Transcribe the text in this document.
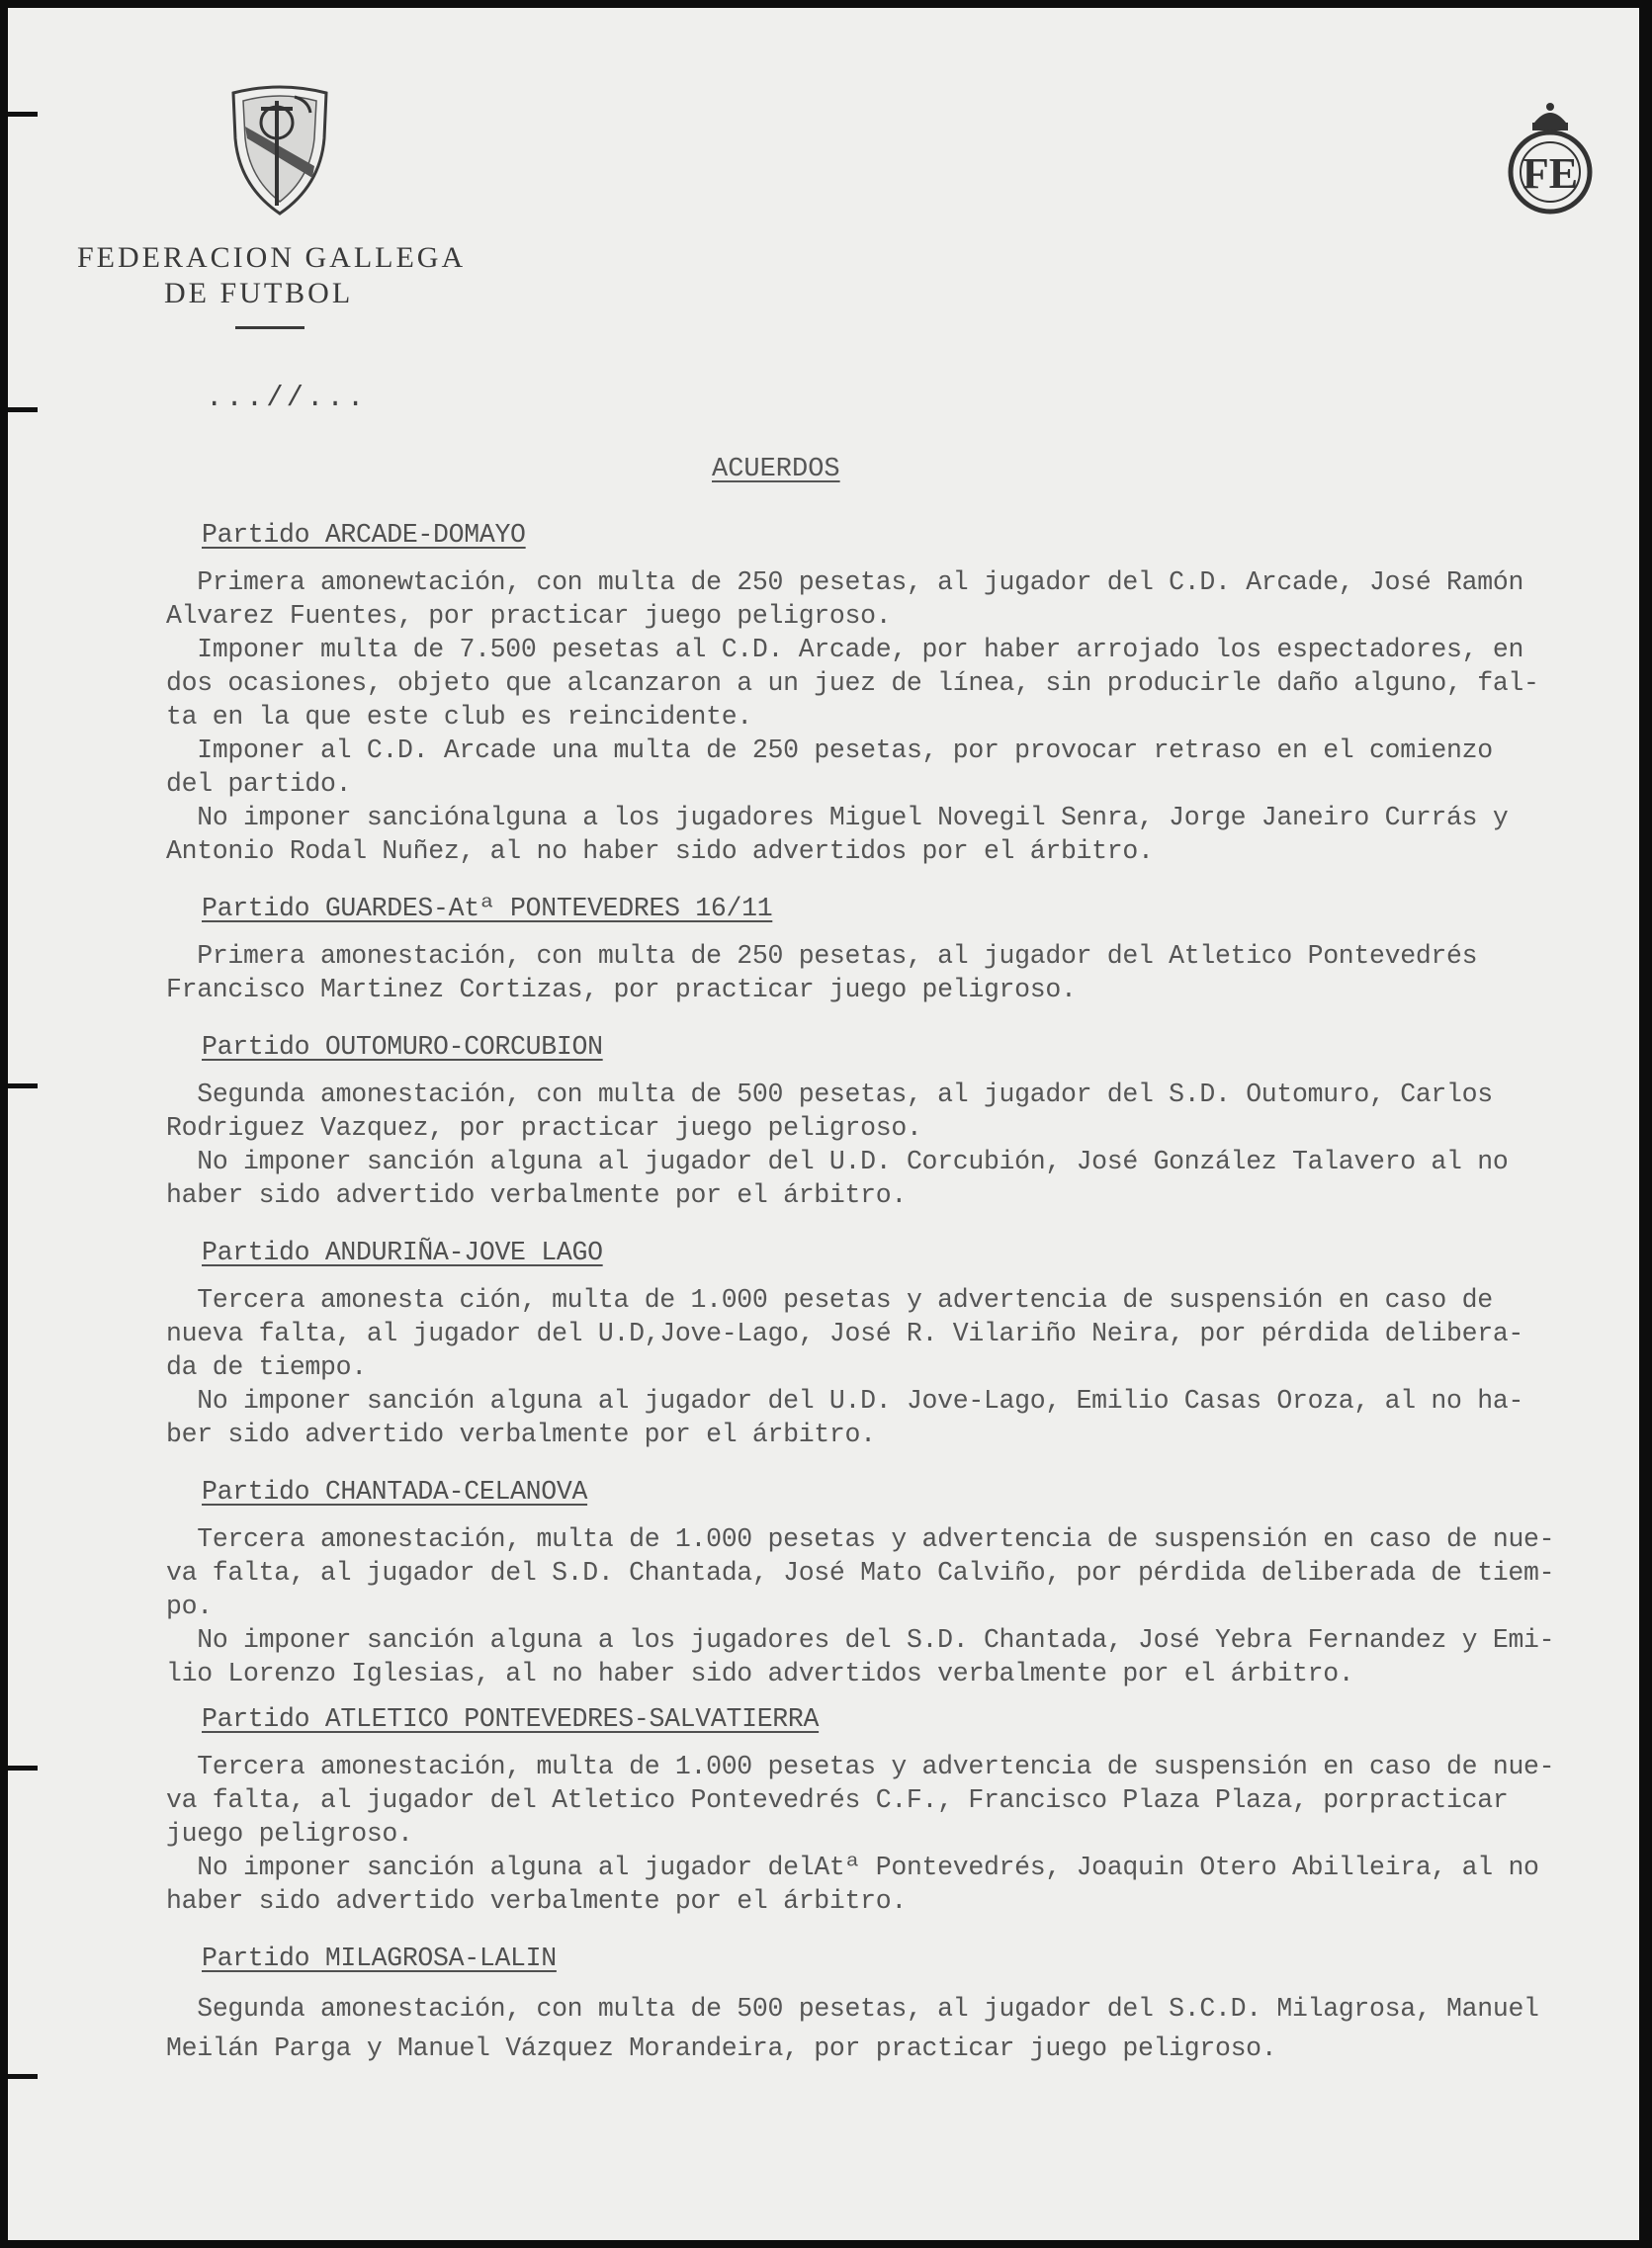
FE
FEDERACION GALLEGA
DE FUTBOL
...//...
ACUERDOS
Partido ARCADE-DOMAYO

Primera amonewtación, con multa de 250 pesetas, al jugador del C.D. Arcade, José Ramón
Alvarez Fuentes, por practicar juego peligroso.

Imponer multa de 7.500 pesetas al C.D. Arcade, por haber arrojado los espectadores, en
dos ocasiones, objeto que alcanzaron a un juez de línea, sin producirle daño alguno, fal-
ta en la que este club es reincidente.

Imponer al C.D. Arcade una multa de 250 pesetas, por provocar retraso en el comienzo
del partido.

No imponer sanciónalguna a los jugadores Miguel Novegil Senra, Jorge Janeiro Currás y
Antonio Rodal Nuñez, al no haber sido advertidos por el árbitro.

Partido GUARDES-Atª PONTEVEDRES 16/11

Primera amonestación, con multa de 250 pesetas, al jugador del Atletico Pontevedrés
Francisco Martinez Cortizas, por practicar juego peligroso.

Partido OUTOMURO-CORCUBION

Segunda amonestación, con multa de 500 pesetas, al jugador del S.D. Outomuro, Carlos
Rodriguez Vazquez, por practicar juego peligroso.

No imponer sanción alguna al jugador del U.D. Corcubión, José González Talavero al no
haber sido advertido verbalmente por el árbitro.

Partido ANDURIÑA-JOVE LAGO

Tercera amonesta ción, multa de 1.000 pesetas y advertencia de suspensión en caso de
nueva falta, al jugador del U.D,Jove-Lago, José R. Vilariño Neira, por pérdida delibera-
da de tiempo.

No imponer sanción alguna al jugador del U.D. Jove-Lago, Emilio Casas Oroza, al no ha-
ber sido advertido verbalmente por el árbitro.

Partido CHANTADA-CELANOVA

Tercera amonestación, multa de 1.000 pesetas y advertencia de suspensión en caso de nue-
va falta, al jugador del S.D. Chantada, José Mato Calviño, por pérdida deliberada de tiem-
po.

No imponer sanción alguna a los jugadores del S.D. Chantada, José Yebra Fernandez y Emi-
lio Lorenzo Iglesias, al no haber sido advertidos verbalmente por el árbitro.

Partido ATLETICO PONTEVEDRES-SALVATIERRA

Tercera amonestación, multa de 1.000 pesetas y advertencia de suspensión en caso de nue-
va falta, al jugador del Atletico Pontevedrés C.F., Francisco Plaza Plaza, porpracticar
juego peligroso.

No imponer sanción alguna al jugador delAtª Pontevedrés, Joaquin Otero Abilleira, al no
haber sido advertido verbalmente por el árbitro.

Partido MILAGROSA-LALIN

Segunda amonestación, con multa de 500 pesetas, al jugador del S.C.D. Milagrosa, Manuel
Meilán Parga y Manuel Vázquez Morandeira, por practicar juego peligroso.
